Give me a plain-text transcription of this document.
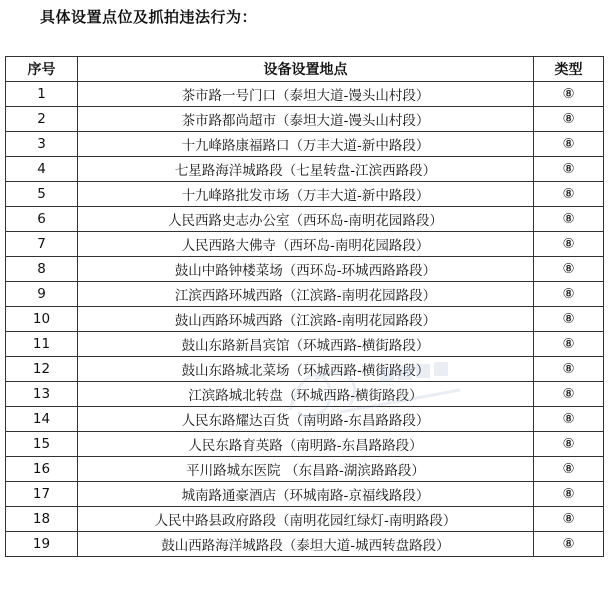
具体设置点位及抓拍违法行为：
序号	设备设置地点	类型
1	茶市路一号门口（泰坦大道-馒头山村段）	⑧
2	茶市路都尚超市（泰坦大道-馒头山村段）	⑧
3	十九峰路康福路口（万丰大道-新中路段）	⑧
4	七星路海洋城路段（七星转盘-江滨西路段）	⑧
5	十九峰路批发市场（万丰大道-新中路段）	⑧
6	人民西路史志办公室（西环岛-南明花园路段）	⑧
7	人民西路大佛寺（西环岛-南明花园路段）	⑧
8	鼓山中路钟楼菜场（西环岛-环城西路路段）	⑧
9	江滨西路环城西路（江滨路-南明花园路段）	⑧
10	鼓山西路环城西路（江滨路-南明花园路段）	⑧
11	鼓山东路新昌宾馆（环城西路-横街路段）	⑧
12	鼓山东路城北菜场（环城西路-横街路段）	⑧
13	江滨路城北转盘（环城西路-横街路段）	⑧
14	人民东路耀达百货（南明路-东昌路路段）	⑧
15	人民东路育英路（南明路-东昌路路段）	⑧
16	平川路城东医院 （东昌路-湖滨路路段）	⑧
17	城南路通豪酒店（环城南路-京福线路段）	⑧
18	人民中路县政府路段（南明花园红绿灯-南明路段）	⑧
19	鼓山西路海洋城路段（泰坦大道-城西转盘路段）	⑧
